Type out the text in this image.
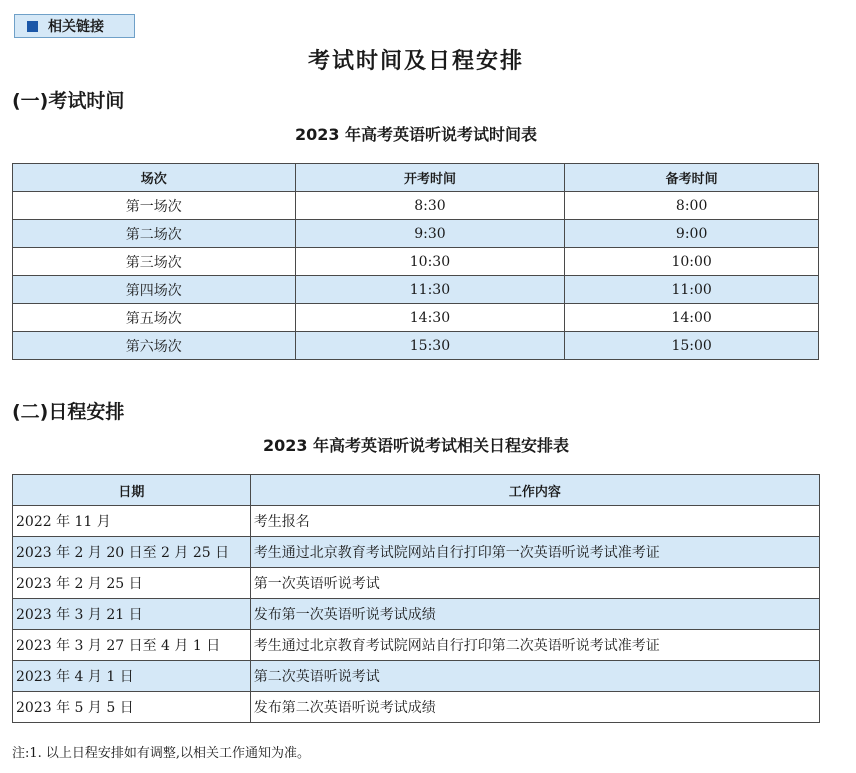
相关链接
考试时间及日程安排
(一)考试时间
2023 年高考英语听说考试时间表
场次	开考时间	备考时间
第一场次	8:30	8:00
第二场次	9:30	9:00
第三场次	10:30	10:00
第四场次	11:30	11:00
第五场次	14:30	14:00
第六场次	15:30	15:00
(二)日程安排
2023 年高考英语听说考试相关日程安排表
日期	工作内容
2022 年 11 月	考生报名
2023 年 2 月 20 日至 2 月 25 日	考生通过北京教育考试院网站自行打印第一次英语听说考试准考证
2023 年 2 月 25 日	第一次英语听说考试
2023 年 3 月 21 日	发布第一次英语听说考试成绩
2023 年 3 月 27 日至 4 月 1 日	考生通过北京教育考试院网站自行打印第二次英语听说考试准考证
2023 年 4 月 1 日	第二次英语听说考试
2023 年 5 月 5 日	发布第二次英语听说考试成绩
注:1. 以上日程安排如有调整,以相关工作通知为准。
